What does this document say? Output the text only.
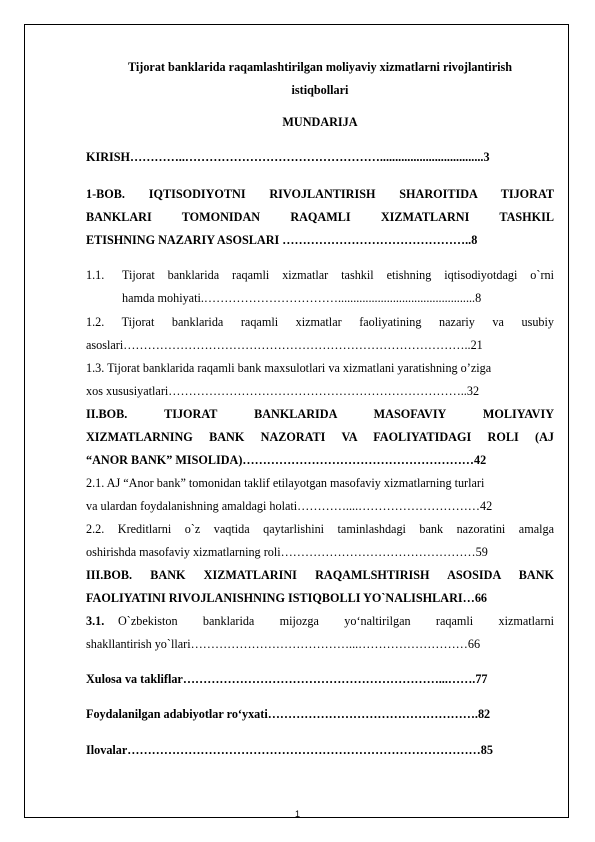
Tijorat banklarida raqamlashtirilgan moliyaviy xizmatlarni rivojlantirish
istiqbollari
MUNDARIJA
KIRISH…………..…………………………………………..................................3
1-BOB. IQTISODIYOTNI RIVOJLANTIRISH SHAROITIDA TIJORAT
BANKLARI TOMONIDAN RAQAMLI XIZMATLARNI TASHKIL
ETISHNING NAZARIY ASOSLARI ………………………………………..8
1.1. Tijorat banklarida raqamli xizmatlar tashkil etishning iqtisodiyotdagi o`rni
hamda mohiyati.…………………………….............................................8
1.2. Tijorat banklarida raqamli xizmatlar faoliyatining nazariy va usubiy
asoslari…………………………………………………………………………..21
1.3. Tijorat banklarida raqamli bank maxsulotlari va xizmatlani yaratishning o’ziga
xos xususiyatlari………………………………………………………………..32
II.BOB. TIJORAT BANKLARIDA MASOFAVIY MOLIYAVIY
XIZMATLARNING BANK NAZORATI VA FAOLIYATIDAGI ROLI (AJ
“ANOR BANK” MISOLIDA)…………………………………………………42
2.1. AJ “Anor bank” tomonidan taklif etilayotgan masofaviy xizmatlarning turlari
va ulardan foydalanishning amaldagi holati…………....…………………………42
2.2. Kreditlarni o`z vaqtida qaytarlishini taminlashdagi bank nazoratini amalga
oshirishda masofaviy xizmatlarning roli…………………………………………59
III.BOB. BANK XIZMATLARINI RAQAMLSHTIRISH ASOSIDA BANK
FAOLIYATINI RIVOJLANISHNING ISTIQBOLLI YO`NALISHLARI…66
3.1. O`zbekiston banklarida mijozga yo‘naltirilgan raqamli xizmatlarni
shakllantirish yo`llari…………………………………...………………………66
Xulosa va takliflar………………………………………………………...…….77
Foydalanilgan adabiyotlar ro‘yxati…………………………………………….82
Ilovalar……………………………………………………………………………85
1
